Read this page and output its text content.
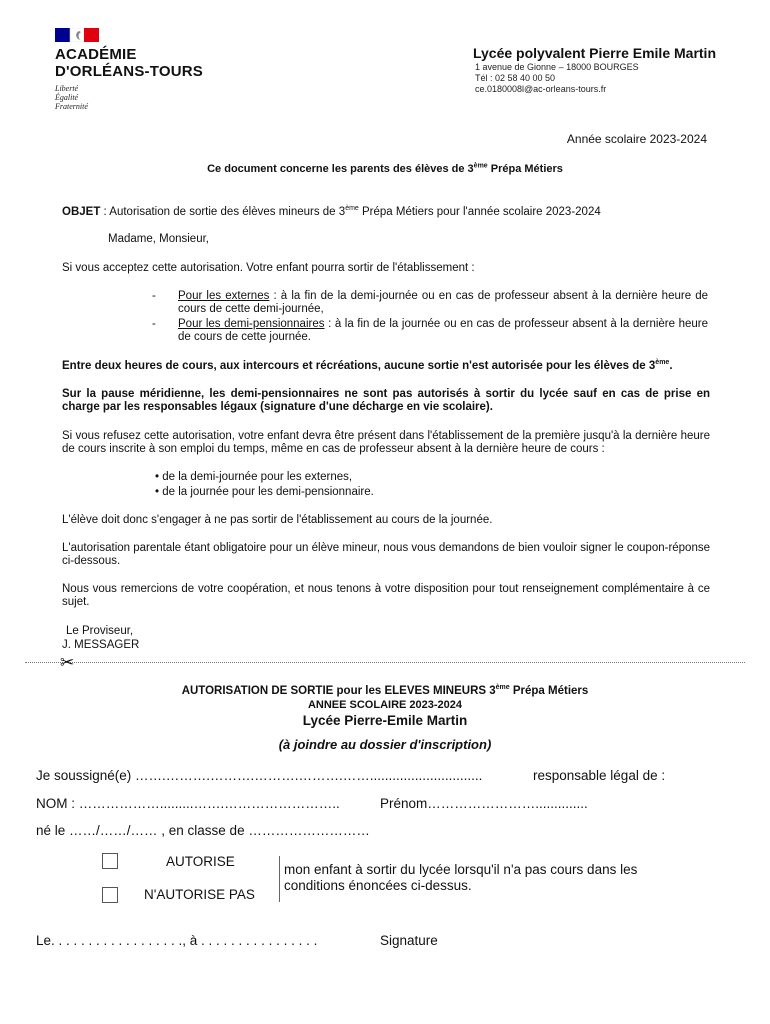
ACADÉMIE
D'ORLÉANS-TOURS
Liberté
Égalité
Fraternité
Lycée polyvalent Pierre Emile Martin
1 avenue de Gionne – 18000 BOURGES
Tél : 02 58 40 00 50
ce.0180008l@ac-orleans-tours.fr
Année scolaire 2023-2024
Ce document concerne les parents des élèves de 3ème Prépa Métiers
OBJET : Autorisation de sortie des élèves mineurs de 3ème Prépa Métiers pour l'année scolaire 2023-2024
Madame, Monsieur,
Si vous acceptez cette autorisation. Votre enfant pourra sortir de l'établissement :
- Pour les externes : à la fin de la demi-journée ou en cas de professeur absent à la dernière heure de cours de cette demi-journée,
- Pour les demi-pensionnaires : à la fin de la journée ou en cas de professeur absent à la dernière heure de cours de cette journée.
Entre deux heures de cours, aux intercours et récréations, aucune sortie n'est autorisée pour les élèves de 3ème.
Sur la pause méridienne, les demi-pensionnaires ne sont pas autorisés à sortir du lycée sauf en cas de prise en charge par les responsables légaux (signature d'une décharge en vie scolaire).
Si vous refusez cette autorisation, votre enfant devra être présent dans l'établissement de la première jusqu'à la dernière heure de cours inscrite à son emploi du temps, même en cas de professeur absent à la dernière heure de cours :
• de la demi-journée pour les externes,
• de la journée pour les demi-pensionnaire.
L'élève doit donc s'engager à ne pas sortir de l'établissement au cours de la journée.
L'autorisation parentale étant obligatoire pour un élève mineur, nous vous demandons de bien vouloir signer le coupon-réponse ci-dessous.
Nous vous remercions de votre coopération, et nous tenons à votre disposition pour tout renseignement complémentaire à ce sujet.
Le Proviseur,
J. MESSAGER
✂
AUTORISATION DE SORTIE pour les ELEVES MINEURS 3ème Prépa Métiers
ANNEE SCOLAIRE 2023-2024
Lycée Pierre-Emile Martin
(à joindre au dossier d'inscription)
Je soussigné(e) …….……….……….……….……….……..............................	responsable légal de :
NOM : ……………….........…….……………………..	Prénom……………………..............
né le ……/……/…… , en classe de ………………………
AUTORISE
N'AUTORISE PAS
mon enfant à sortir du lycée lorsqu'il n'a pas cours dans les conditions énoncées ci-dessus.
Le. . . . . . . . . . . . . . . . . ., à . . . . . . . . . . . . . . . .	Signature
